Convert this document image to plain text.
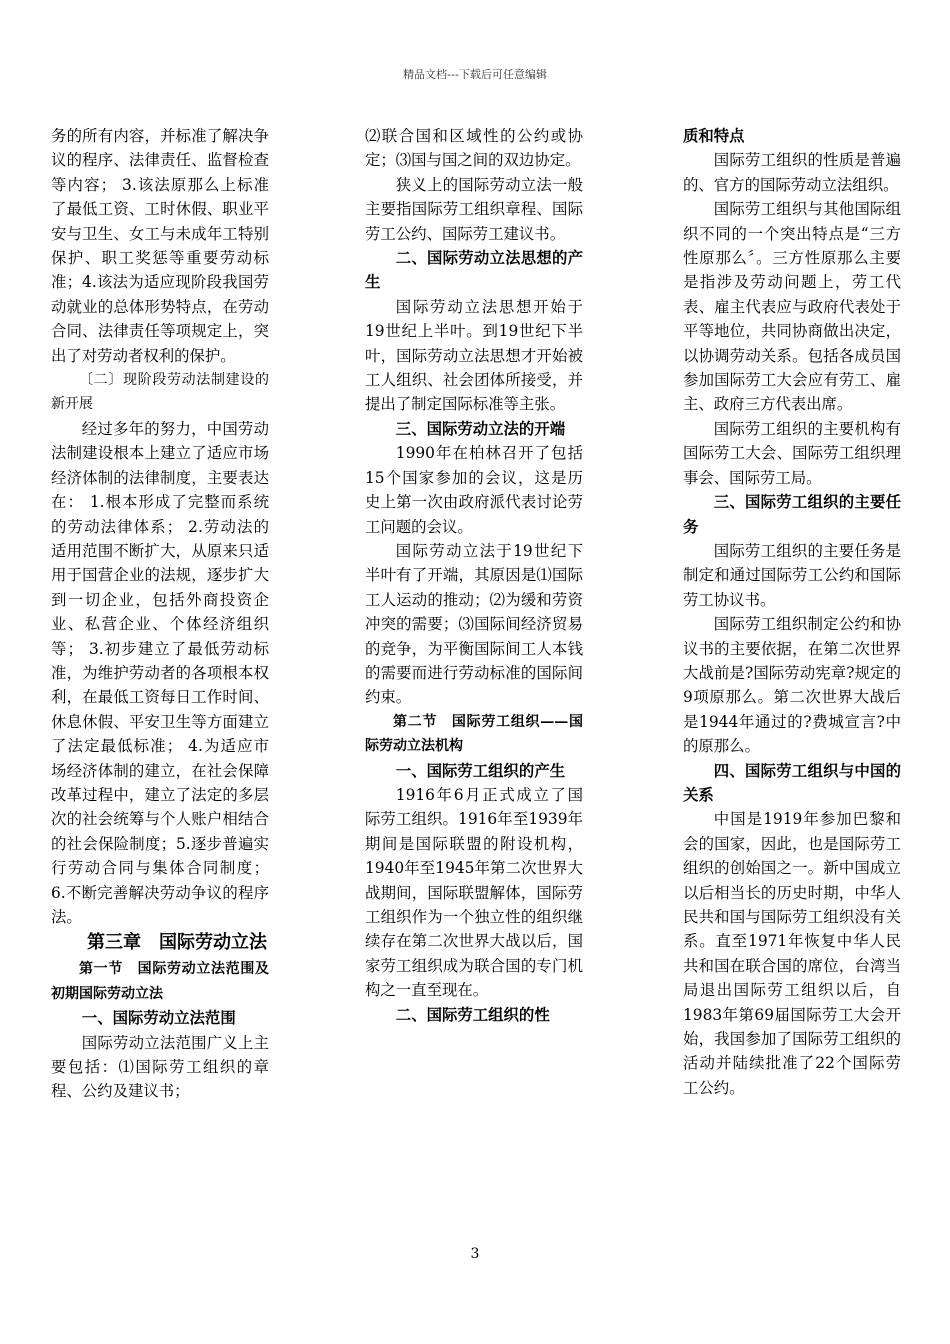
精品文档---下载后可任意编辑

务的所有内容，并标准了解决争议的程序、法律责任、监督检查等内容； 3.该法原那么上标准了最低工资、工时休假、职业平安与卫生、女工与未成年工特别保护、职工奖惩等重要劳动标准；4.该法为适应现阶段我国劳动就业的总体形势特点，在劳动合同、法律责任等项规定上，突出了对劳动者权利的保护。

〔二〕现阶段劳动法制建设的新开展

经过多年的努力，中国劳动法制建设根本上建立了适应市场经济体制的法律制度，主要表达在： 1.根本形成了完整而系统的劳动法律体系； 2.劳动法的适用范围不断扩大，从原来只适用于国营企业的法规，逐步扩大到一切企业，包括外商投资企业、私营企业、个体经济组织等； 3.初步建立了最低劳动标准，为维护劳动者的各项根本权利，在最低工资每日工作时间、休息休假、平安卫生等方面建立了法定最低标准； 4.为适应市场经济体制的建立，在社会保障改革过程中，建立了法定的多层次的社会统筹与个人账户相结合的社会保险制度；5.逐步普遍实行劳动合同与集体合同制度； 6.不断完善解决劳动争议的程序法。

第三章　国际劳动立法

第一节　国际劳动立法范围及初期国际劳动立法

一、国际劳动立法范围

国际劳动立法范围广义上主要包括：⑴国际劳工组织的章程、公约及建议书；

⑵联合国和区域性的公约或协定；⑶国与国之间的双边协定。

狭义上的国际劳动立法一般主要指国际劳工组织章程、国际劳工公约、国际劳工建议书。

二、国际劳动立法思想的产生

国际劳动立法思想开始于19世纪上半叶。到19世纪下半叶，国际劳动立法思想才开始被工人组织、社会团体所接受，并提出了制定国际标准等主张。

三、国际劳动立法的开端

1990年在柏林召开了包括15个国家参加的会议，这是历史上第一次由政府派代表讨论劳工问题的会议。

国际劳动立法于19世纪下半叶有了开端，其原因是⑴国际工人运动的推动；⑵为缓和劳资冲突的需要；⑶国际间经济贸易的竞争，为平衡国际间工人本钱的需要而进行劳动标准的国际间约束。

第二节　国际劳工组织——国际劳动立法机构

一、国际劳工组织的产生

1916年6月正式成立了国际劳工组织。1916年至1939年期间是国际联盟的附设机构，1940年至1945年第二次世界大战期间，国际联盟解体，国际劳工组织作为一个独立性的组织继续存在第二次世界大战以后，国家劳工组织成为联合国的专门机构之一直至现在。

二、国际劳工组织的性

质和特点

国际劳工组织的性质是普遍的、官方的国际劳动立法组织。

国际劳工组织与其他国际组织不同的一个突出特点是“三方性原那么〞。三方性原那么主要是指涉及劳动问题上，劳工代表、雇主代表应与政府代表处于平等地位，共同协商做出决定，以协调劳动关系。包括各成员国参加国际劳工大会应有劳工、雇主、政府三方代表出席。

国际劳工组织的主要机构有国际劳工大会、国际劳工组织理事会、国际劳工局。

三、国际劳工组织的主要任务

国际劳工组织的主要任务是制定和通过国际劳工公约和国际劳工协议书。

国际劳工组织制定公约和协议书的主要依据，在第二次世界大战前是?国际劳动宪章?规定的9项原那么。第二次世界大战后是1944年通过的?费城宣言?中的原那么。

四、国际劳工组织与中国的关系

中国是1919年参加巴黎和会的国家，因此，也是国际劳工组织的创始国之一。新中国成立以后相当长的历史时期，中华人民共和国与国际劳工组织没有关系。直至1971年恢复中华人民共和国在联合国的席位，台湾当局退出国际劳工组织以后，自1983年第69届国际劳工大会开始，我国参加了国际劳工组织的活动并陆续批准了22个国际劳工公约。

3
